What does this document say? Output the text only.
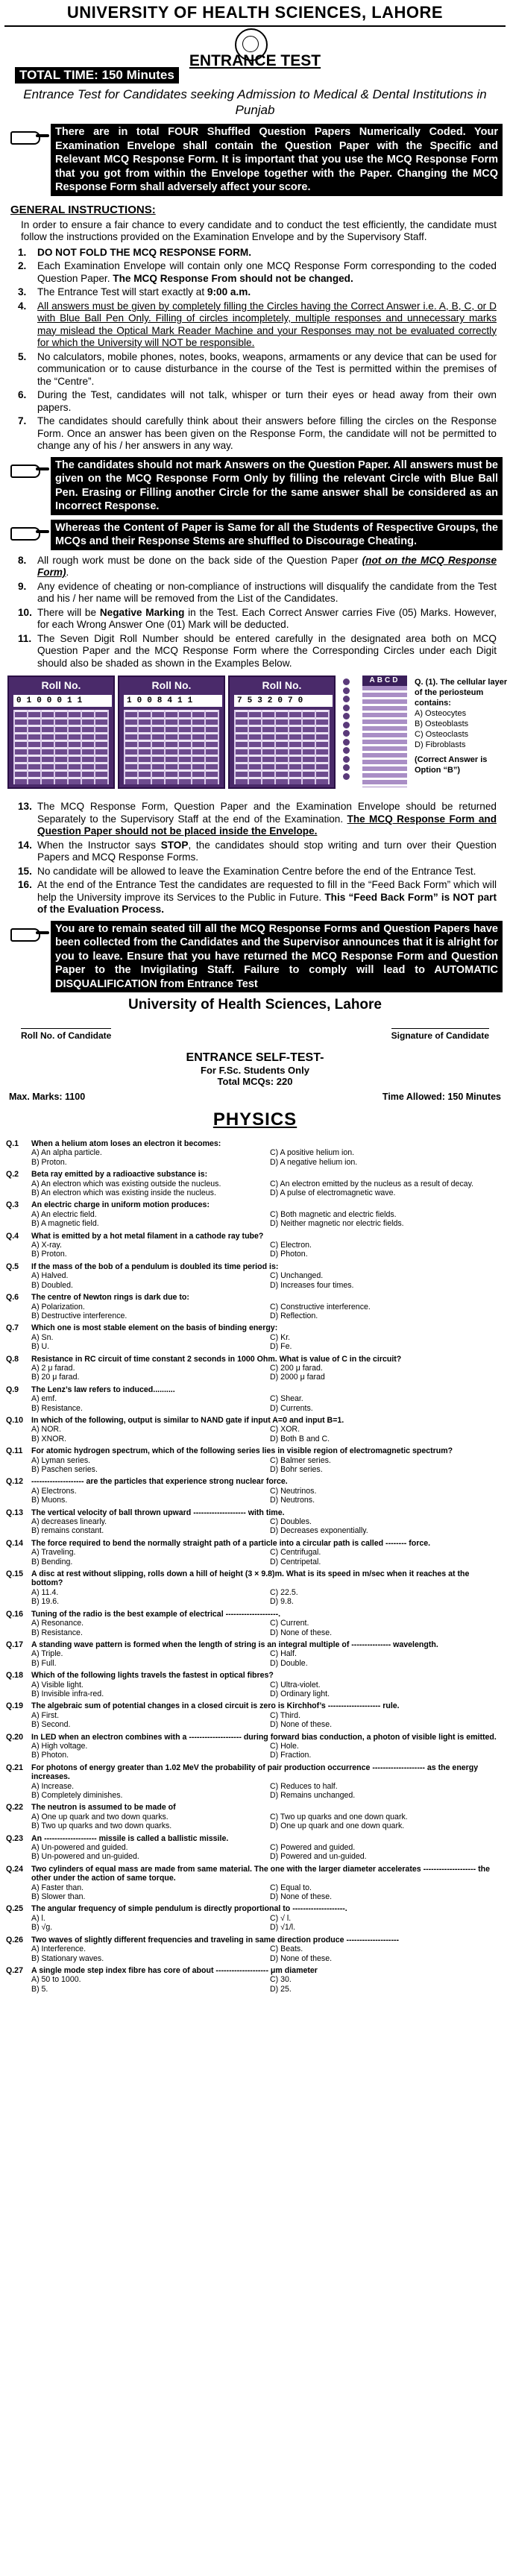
UNIVERSITY OF HEALTH SCIENCES, LAHORE
ENTRANCE TEST
TOTAL TIME: 150 Minutes
Entrance Test for Candidates seeking Admission to Medical & Dental Institutions in Punjab
There are in total FOUR Shuffled Question Papers Numerically Coded. Your Examination Envelope shall contain the Question Paper with the Specific and Relevant MCQ Response Form. It is important that you use the MCQ Response Form that you got from within the Envelope together with the Paper. Changing the MCQ Response Form shall adversely affect your score.
GENERAL INSTRUCTIONS:
In order to ensure a fair chance to every candidate and to conduct the test efficiently, the candidate must follow the instructions provided on the Examination Envelope and by the Supervisory Staff.
1.	DO NOT FOLD THE MCQ RESPONSE FORM.
2.	Each Examination Envelope will contain only one MCQ Response Form corresponding to the coded Question Paper. The MCQ Response From should not be changed.
3.	The Entrance Test will start exactly at 9:00 a.m.
4.	All answers must be given by completely filling the Circles having the Correct Answer i.e. A, B, C, or D with Blue Ball Pen Only. Filling of circles incompletely, multiple responses and unnecessary marks may mislead the Optical Mark Reader Machine and your Responses may not be evaluated correctly for which the University will NOT be responsible.
5.	No calculators, mobile phones, notes, books, weapons, armaments or any device that can be used for communication or to cause disturbance in the course of the Test is permitted within the premises of the “Centre”.
6.	During the Test, candidates will not talk, whisper or turn their eyes or head away from their own papers.
7.	The candidates should carefully think about their answers before filling the circles on the Response Form. Once an answer has been given on the Response Form, the candidate will not be permitted to change any of his / her answers in any way.
The candidates should not mark Answers on the Question Paper. All answers must be given on the MCQ Response Form Only by filling the relevant Circle with Blue Ball Pen. Erasing or Filling another Circle for the same answer shall be considered as an Incorrect Response.
Whereas the Content of Paper is Same for all the Students of Respective Groups, the MCQs and their Response Stems are shuffled to Discourage Cheating.
8.	All rough work must be done on the back side of the Question Paper (not on the MCQ Response Form).
9.	Any evidence of cheating or non-compliance of instructions will disqualify the candidate from the Test and his / her name will be removed from the List of the Candidates.
10. There will be Negative Marking in the Test. Each Correct Answer carries Five (05) Marks. However, for each Wrong Answer One (01) Mark will be deducted.
11. The Seven Digit Roll Number should be entered carefully in the designated area both on MCQ Question Paper and the MCQ Response Form where the Corresponding Circles under each Digit should also be shaded as shown in the Examples Below.
Roll No.
0100011
Roll No.
1008411
Roll No.
7532070
ABCD	Q. (1). The cellular layer of the periosteum contains:
A) Osteocytes
B) Osteoblasts
C) Osteoclasts
D) Fibroblasts
(Correct Answer is Option “B”)
13. The MCQ Response Form, Question Paper and the Examination Envelope should be returned Separately to the Supervisory Staff at the end of the Examination. The MCQ Response Form and Question Paper should not be placed inside the Envelope.
14. When the Instructor says STOP, the candidates should stop writing and turn over their Question Papers and MCQ Response Forms.
15. No candidate will be allowed to leave the Examination Centre before the end of the Entrance Test.
16. At the end of the Entrance Test the candidates are requested to fill in the “Feed Back Form” which will help the University improve its Services to the Public in Future. This “Feed Back Form” is NOT part of the Evaluation Process.
You are to remain seated till all the MCQ Response Forms and Question Papers have been collected from the Candidates and the Supervisor announces that it is alright for you to leave. Ensure that you have returned the MCQ Response Form and Question Paper to the Invigilating Staff. Failure to comply will lead to AUTOMATIC DISQUALIFICATION from Entrance Test
University of Health Sciences, Lahore
Roll No. of Candidate	Signature of Candidate
ENTRANCE SELF-TEST-
For F.Sc. Students Only
Total MCQs: 220
Max. Marks: 1100	Time Allowed: 150 Minutes
PHYSICS
Q.1	When a helium atom loses an electron it becomes:
A) An alpha particle.	C) A positive helium ion.
B) Proton.	D) A negative helium ion.
Q.2	Beta ray emitted by a radioactive substance is:
A) An electron which was existing outside the nucleus.	C) An electron emitted by the nucleus as a result of decay.
B) An electron which was existing inside the nucleus.	D) A pulse of electromagnetic wave.
Q.3	An electric charge in uniform motion produces:
A) An electric field.	C) Both magnetic and electric fields.
B) A magnetic field.	D) Neither magnetic nor electric fields.
Q.4	What is emitted by a hot metal filament in a cathode ray tube?
A) X-ray.	C) Electron.
B) Proton.	D) Photon.
Q.5	If the mass of the bob of a pendulum is doubled its time period is:
A) Halved.	C) Unchanged.
B) Doubled.	D) Increases four times.
Q.6	The centre of Newton rings is dark due to:
A) Polarization.	C) Constructive interference.
B) Destructive interference.	D) Reflection.
Q.7	Which one is most stable element on the basis of binding energy:
A) Sn.	C) Kr.
B) U.	D) Fe.
Q.8	Resistance in RC circuit of time constant 2 seconds in 1000 Ohm. What is value of C in the circuit?
A) 2 μ farad.	C) 200 μ farad.
B) 20 μ farad.	D) 2000 μ farad
Q.9	The Lenz’s law refers to induced..........
A) emf.	C) Shear.
B) Resistance.	D) Currents.
Q.10	In which of the following, output is similar to NAND gate if input A=0 and input B=1.
A) NOR.	C) XOR.
B) XNOR.	D) Both B and C.
Q.11	For atomic hydrogen spectrum, which of the following series lies in visible region of electromagnetic spectrum?
A) Lyman series.	C) Balmer series.
B) Paschen series.	D) Bohr series.
Q.12	-------------------- are the particles that experience strong nuclear force.
A) Electrons.	C) Neutrinos.
B) Muons.	D) Neutrons.
Q.13	The vertical velocity of ball thrown upward -------------------- with time.
A) decreases linearly.	C) Doubles.
B) remains constant.	D) Decreases exponentially.
Q.14	The force required to bend the normally straight path of a particle into a circular path is called -------- force.
A) Traveling.	C) Centrifugal.
B) Bending.	D) Centripetal.
Q.15	A disc at rest without slipping, rolls down a hill of height (3 × 9.8)m. What is its speed in m/sec when it reaches at the bottom?
A) 11.4.	C) 22.5.
B) 19.6.	D) 9.8.
Q.16	Tuning of the radio is the best example of electrical --------------------.
A) Resonance.	C) Current.
B) Resistance.	D) None of these.
Q.17	A standing wave pattern is formed when the length of string is an integral multiple of --------------- wavelength.
A) Triple.	C) Half.
B) Full.	D) Double.
Q.18	Which of the following lights travels the fastest in optical fibres?
A) Visible light.	C) Ultra-violet.
B) Invisible infra-red.	D) Ordinary light.
Q.19	The algebraic sum of potential changes in a closed circuit is zero is Kirchhof’s -------------------- rule.
A) First.	C) Third.
B) Second.	D) None of these.
Q.20	In LED when an electron combines with a -------------------- during forward bias conduction, a photon of visible light is emitted.
A) High voltage.	C) Hole.
B) Photon.	D) Fraction.
Q.21	For photons of energy greater than 1.02 MeV the probability of pair production occurrence -------------------- as the energy increases.
A) Increase.	C) Reduces to half.
B) Completely diminishes.	D) Remains unchanged.
Q.22	The neutron is assumed to be made of
A) One up quark and two down quarks.	C) Two up quarks and one down quark.
B) Two up quarks and two down quarks.	D) One up quark and one down quark.
Q.23	An -------------------- missile is called a ballistic missile.
A) Un-powered and guided.	C) Powered and guided.
B) Un-powered and un-guided.	D) Powered and un-guided.
Q.24	Two cylinders of equal mass are made from same material. The one with the larger diameter accelerates -------------------- the other under the action of same torque.
A) Faster than.	C) Equal to.
B) Slower than.	D) None of these.
Q.25	The angular frequency of simple pendulum is directly proportional to --------------------.
A) l.	C) √ l.
B) √g.	D) √1/l.
Q.26	Two waves of slightly different frequencies and traveling in same direction produce --------------------
A) Interference.	C) Beats.
B) Stationary waves.	D) None of these.
Q.27	A single mode step index fibre has core of about -------------------- μm diameter
A) 50 to 1000.	C) 30.
B) 5.	D) 25.
